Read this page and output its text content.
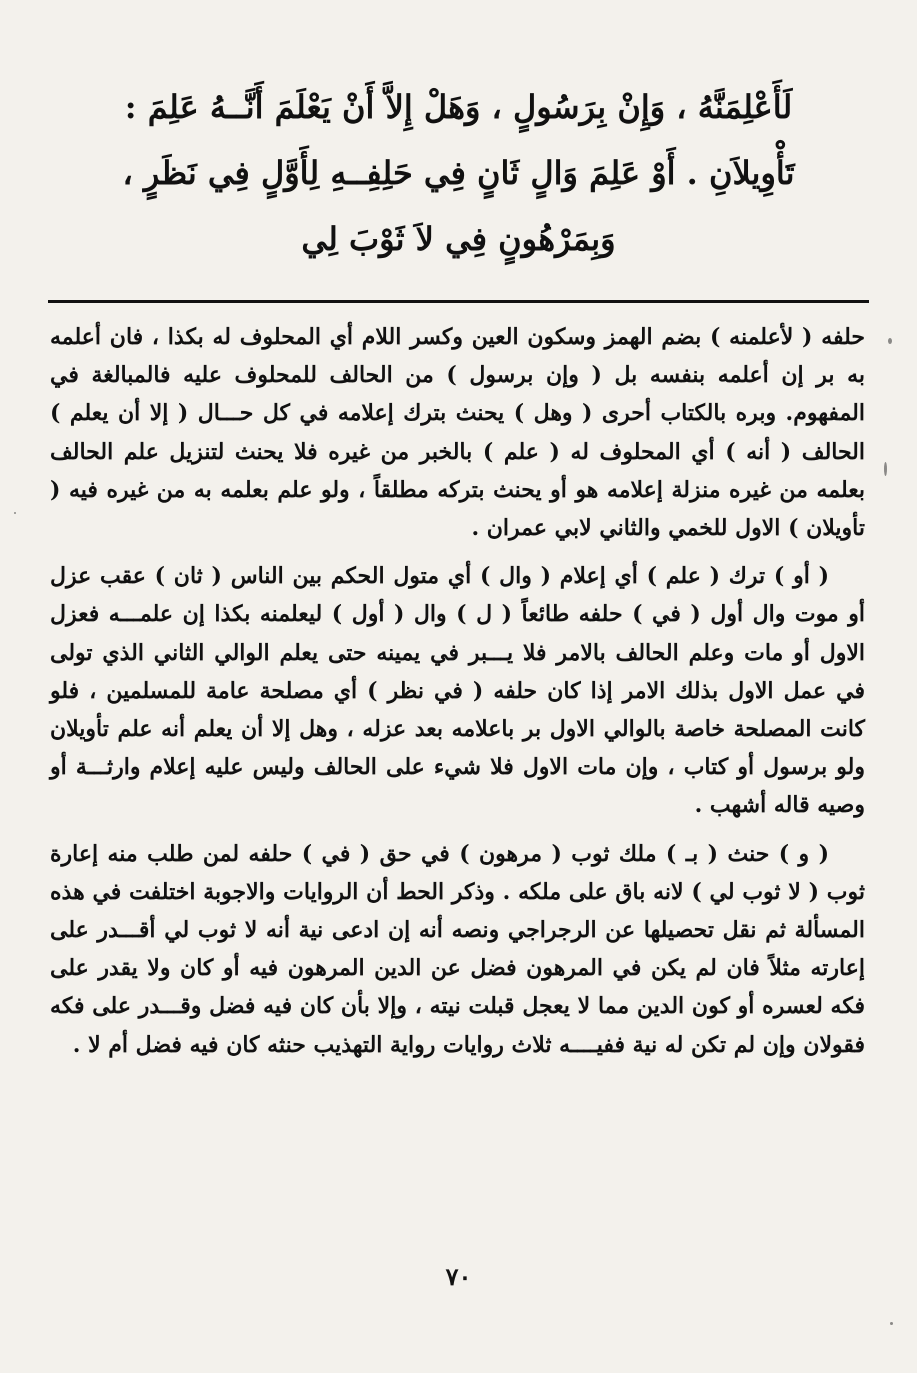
لَأَعْلِمَنَّهُ ، وَإِنْ بِرَسُولٍ ، وَهَلْ إِلاَّ أَنْ يَعْلَمَ أَنَّــهُ عَلِمَ :
تَأْوِيلاَنِ . أَوْ عَلِمَ وَالٍ ثَانٍ فِي حَلِفِــهِ لِأَوَّلٍ فِي نَظَرٍ ،
وَبِمَرْهُونٍ فِي لاَ ثَوْبَ لِي

حلفه ( لأعلمنه ) بضم الهمز وسكون العين وكسر اللام أي المحلوف له بكذا ، فان أعلمه به بر إن أعلمه بنفسه بل ( وإن برسول ) من الحالف للمحلوف عليه فالمبالغة في المفهوم. وبره بالكتاب أحرى ( وهل ) يحنث بترك إعلامه في كل حـــال ( إلا أن يعلم ) الحالف ( أنه ) أي المحلوف له ( علم ) بالخبر من غيره فلا يحنث لتنزيل علم الحالف بعلمه من غيره منزلة إعلامه هو أو يحنث بتركه مطلقاً ، ولو علم بعلمه به من غيره فيه ( تأويلان ) الاول للخمي والثاني لابي عمران .

( أو ) ترك ( علم ) أي إعلام ( وال ) أي متول الحكم بين الناس ( ثان ) عقب عزل أو موت وال أول ( في ) حلفه طائعاً ( ل ) وال ( أول ) ليعلمنه بكذا إن علمـــه فعزل الاول أو مات وعلم الحالف بالامر فلا يـــبر في يمينه حتى يعلم الوالي الثاني الذي تولى في عمل الاول بذلك الامر إذا كان حلفه ( في نظر ) أي مصلحة عامة للمسلمين ، فلو كانت المصلحة خاصة بالوالي الاول بر باعلامه بعد عزله ، وهل إلا أن يعلم أنه علم تأويلان ولو برسول أو كتاب ، وإن مات الاول فلا شيء على الحالف وليس عليه إعلام وارثـــة أو وصيه قاله أشهب .

( و ) حنث ( بـ ) ملك ثوب ( مرهون ) في حق ( في ) حلفه لمن طلب منه إعارة ثوب ( لا ثوب لي ) لانه باق على ملكه . وذكر الحط أن الروايات والاجوبة اختلفت في هذه المسألة ثم نقل تحصيلها عن الرجراجي ونصه أنه إن ادعى نية أنه لا ثوب لي أقـــدر على إعارته مثلاً فان لم يكن في المرهون فضل عن الدين المرهون فيه أو كان ولا يقدر على فكه لعسره أو كون الدين مما لا يعجل قبلت نيته ، وإلا بأن كان فيه فضل وقـــدر على فكه فقولان وإن لم تكن له نية ففيــــه ثلاث روايات رواية التهذيب حنثه كان فيه فضل أم لا .

٧٠
